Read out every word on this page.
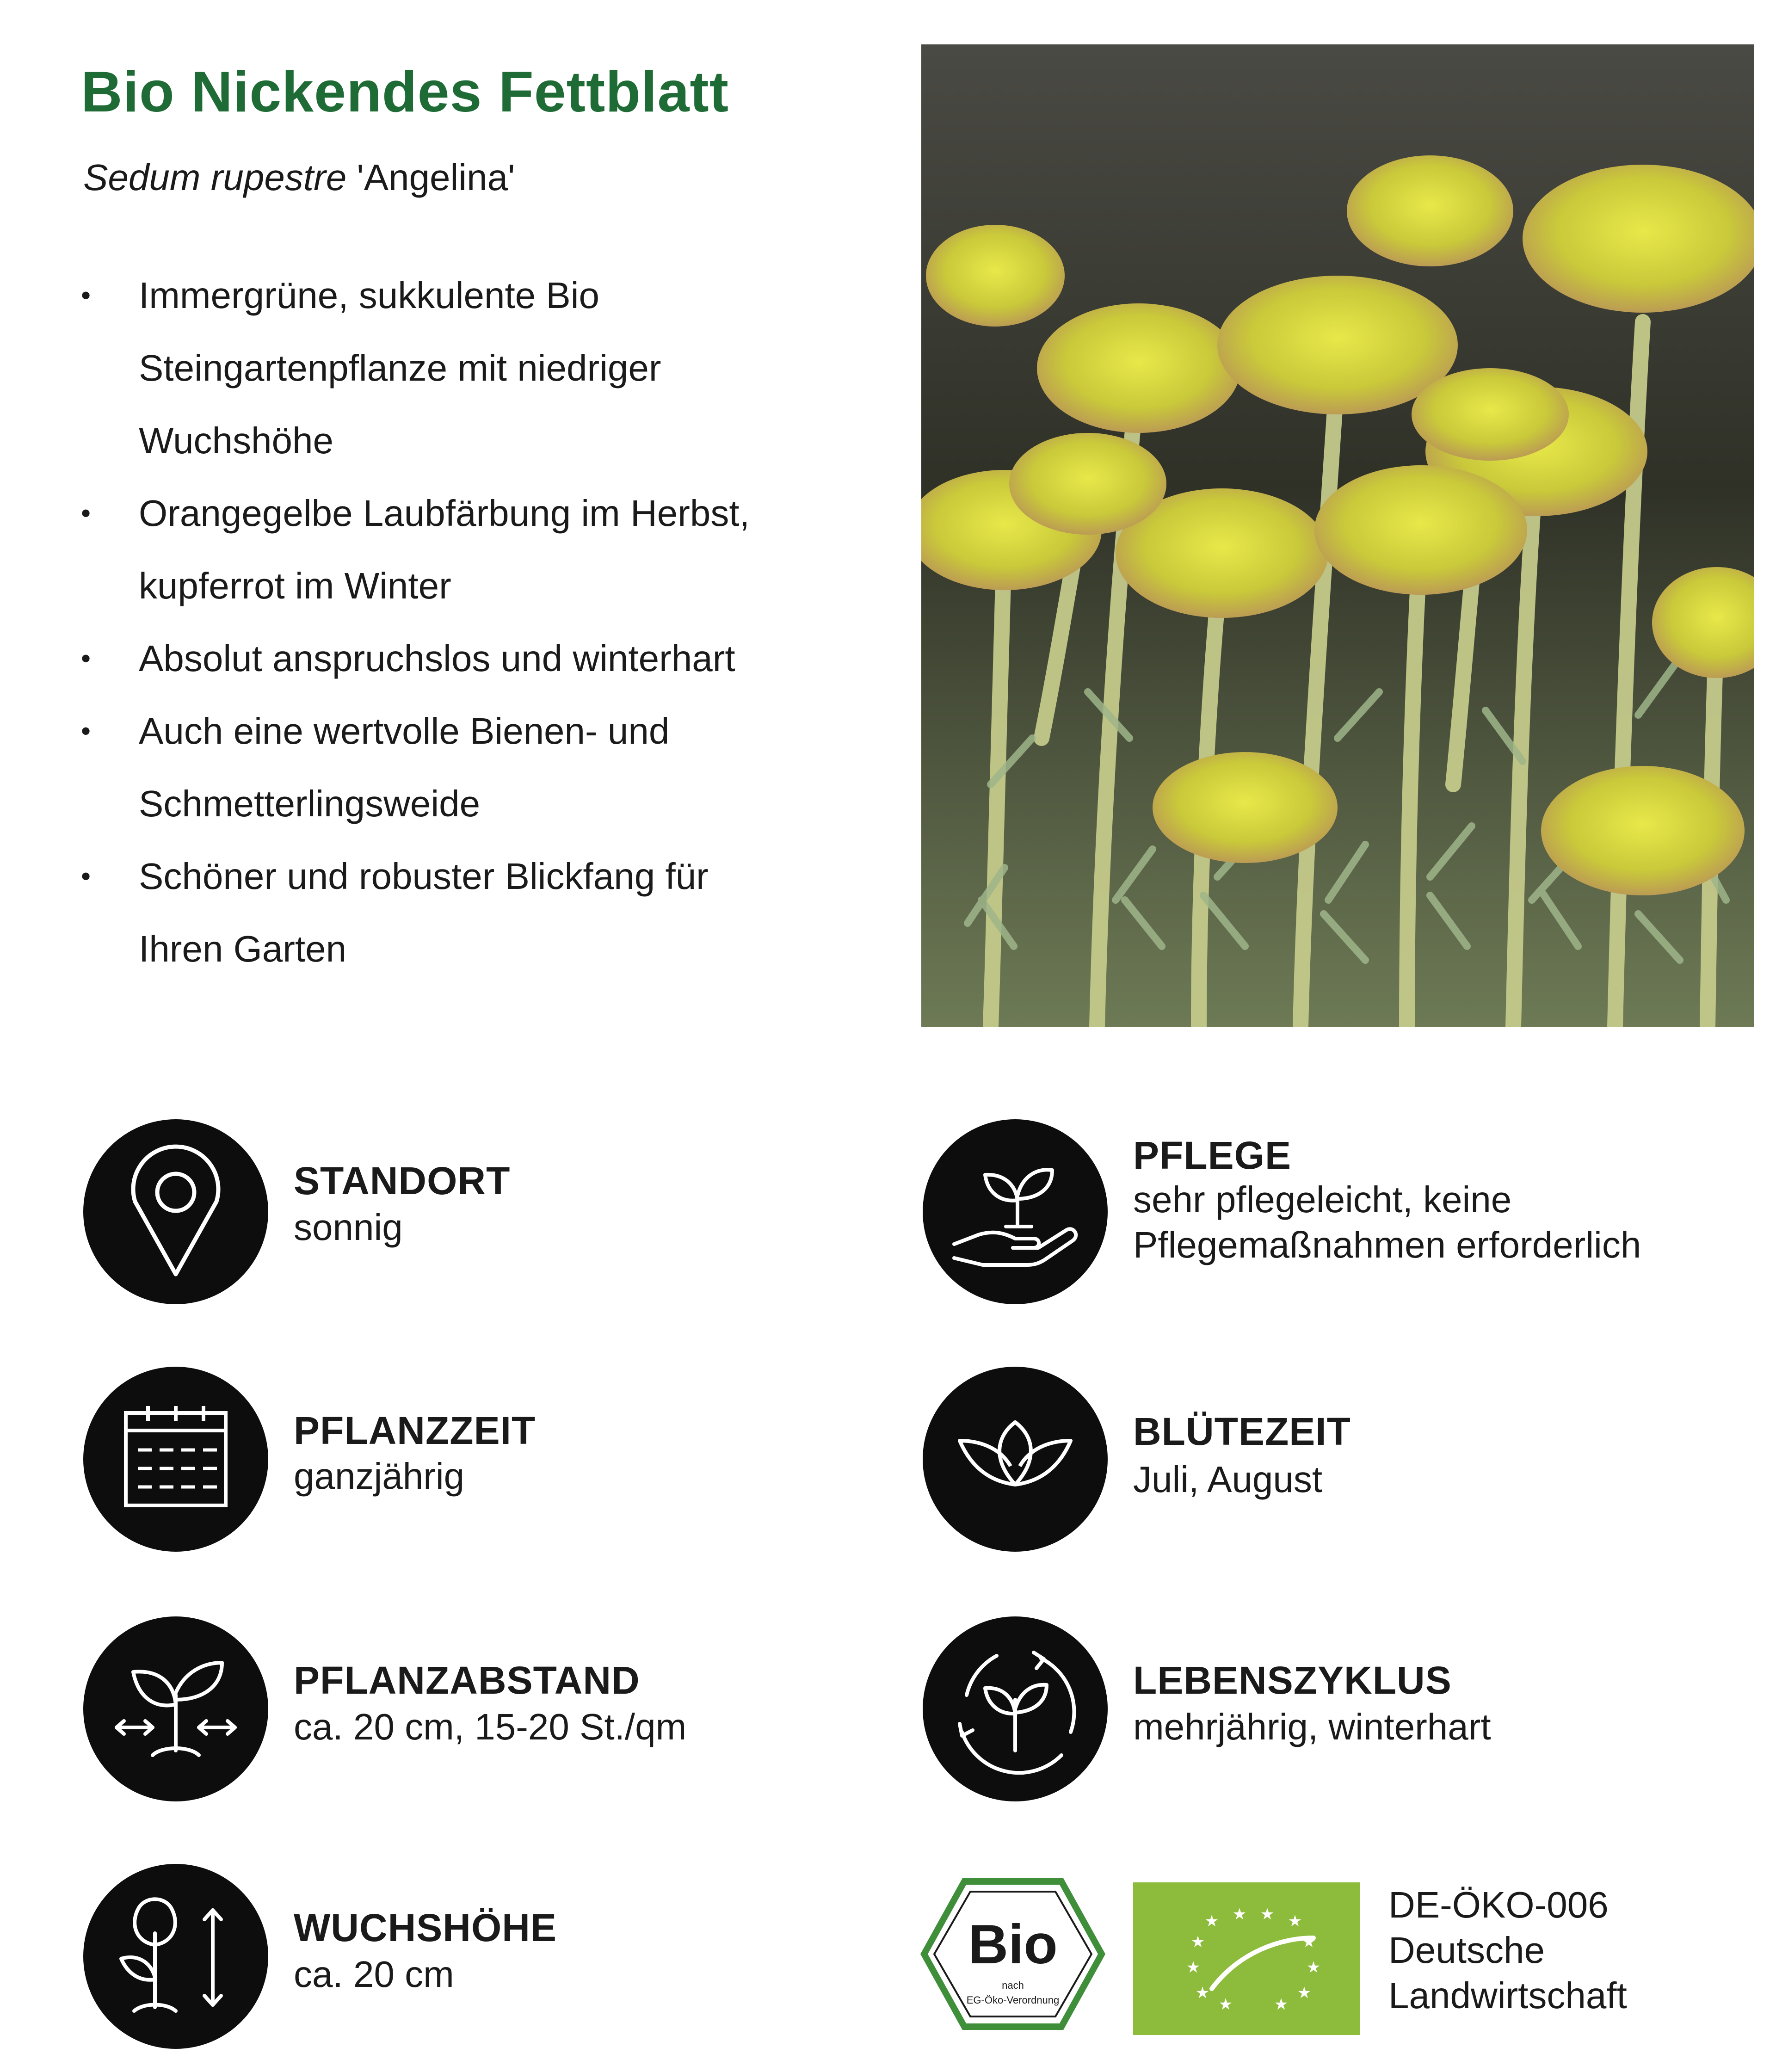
Bio Nickendes Fettblatt
Sedum rupestre 'Angelina'
• Immergrüne, sukkulente Bio
Steingartenpflanze mit niedriger
Wuchshöhe
• Orangegelbe Laubfärbung im Herbst,
kupferrot im Winter
• Absolut anspruchslos und winterhart
• Auch eine wertvolle Bienen- und
Schmetterlingsweide
• Schöner und robuster Blickfang für
Ihren Garten
STANDORT
sonnig
PFLANZZEIT
ganzjährig
PFLANZABSTAND
ca. 20 cm, 15-20 St./qm
WUCHSHÖHE
ca. 20 cm
PFLEGE
sehr pflegeleicht, keine
Pflegemaßnahmen erforderlich
BLÜTEZEIT
Juli, August
LEBENSZYKLUS
mehrjährig, winterhart
Bio
nach
EG-Öko-Verordnung
★ ★ ★ ★
★	★
★	★
★	★
★	★
DE-ÖKO-006
Deutsche
Landwirtschaft
